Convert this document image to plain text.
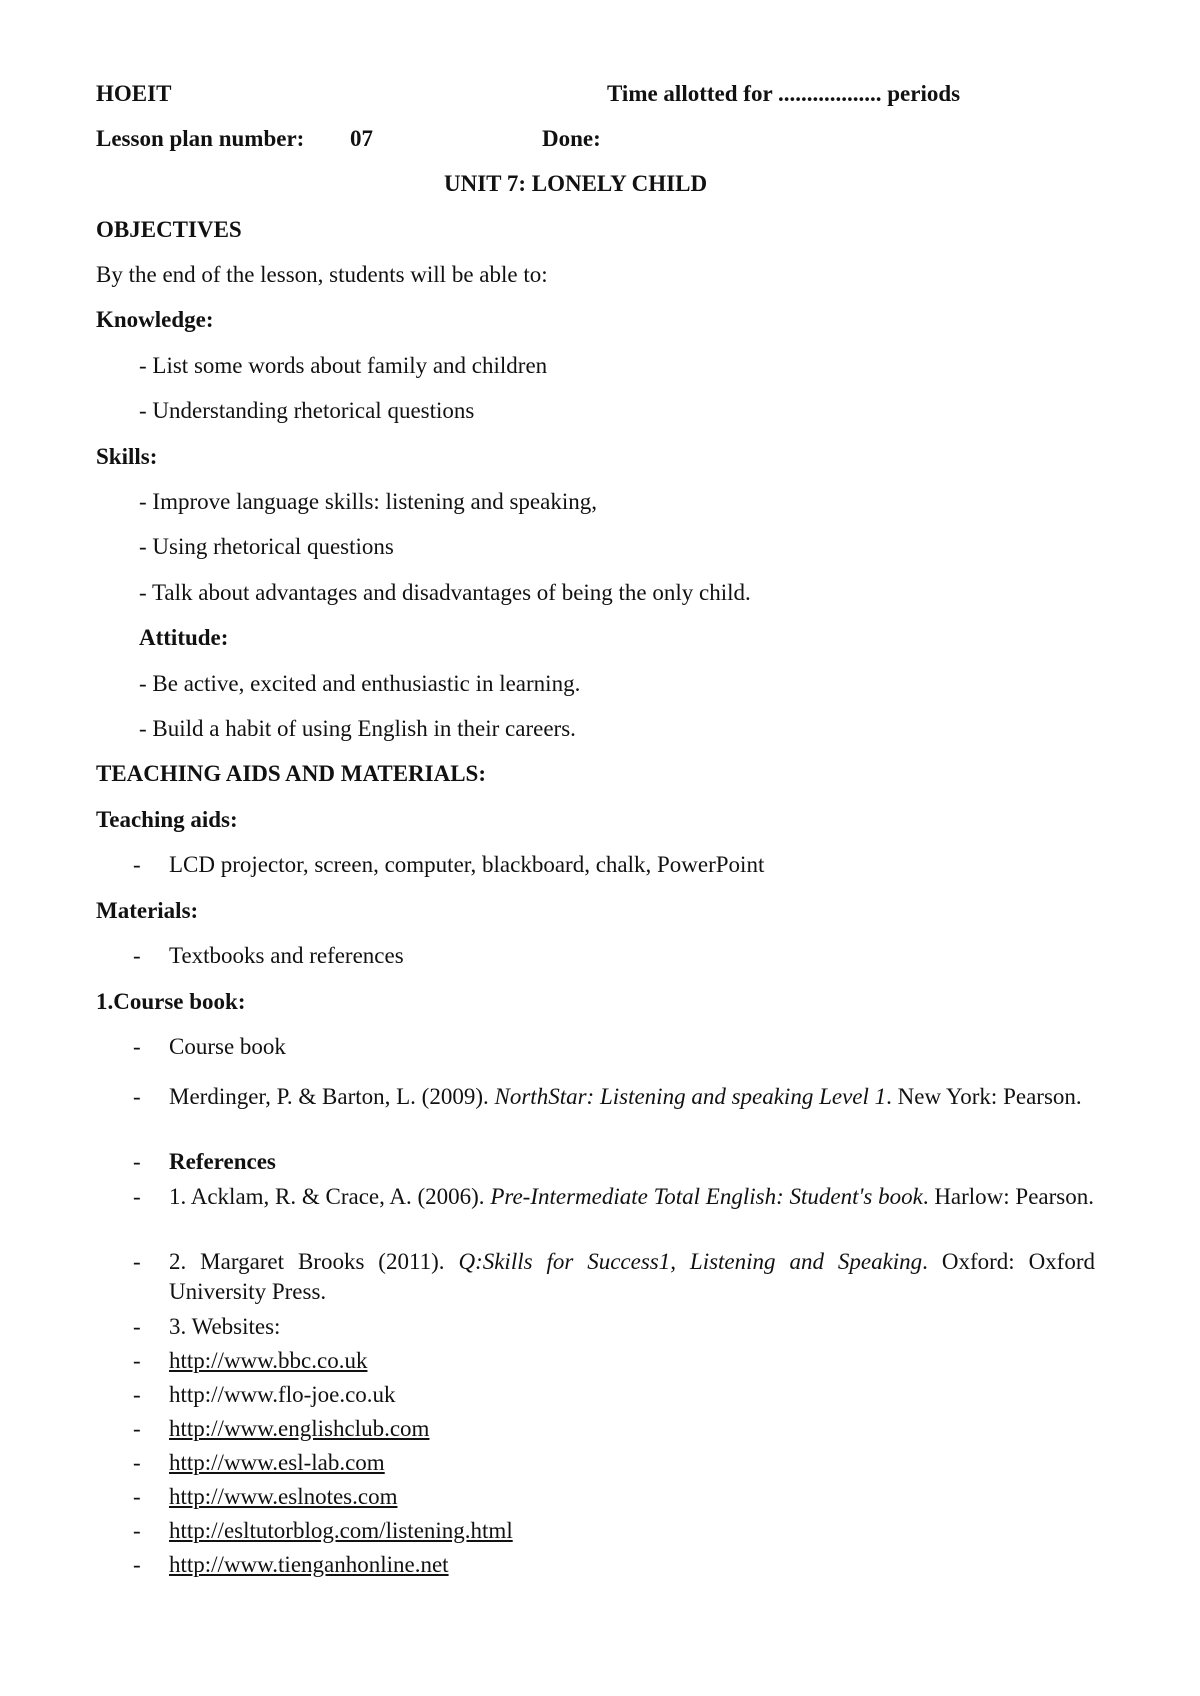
HOEIT	Time allotted for .................. periods
Lesson plan number: 07	Done:
UNIT 7: LONELY CHILD
OBJECTIVES
By the end of the lesson, students will be able to:
Knowledge:
- List some words about family and children
- Understanding rhetorical questions
Skills:
- Improve language skills: listening and speaking,
- Using rhetorical questions
- Talk about advantages and disadvantages of being the only child.
Attitude:
- Be active, excited and enthusiastic in learning.
- Build a habit of using English in their careers.
TEACHING AIDS AND MATERIALS:
Teaching aids:
- LCD projector, screen, computer, blackboard, chalk, PowerPoint
Materials:
- Textbooks and references
1.Course book:
- Course book
- Merdinger, P. & Barton, L. (2009). NorthStar: Listening and speaking Level 1. New York: Pearson.
- References
- 1. Acklam, R. & Crace, A. (2006). Pre-Intermediate Total English: Student's book. Harlow: Pearson.
- 2. Margaret Brooks (2011). Q:Skills for Success1, Listening and Speaking. Oxford: Oxford University Press.
- 3. Websites:
- http://www.bbc.co.uk
- http://www.flo-joe.co.uk
- http://www.englishclub.com
- http://www.esl-lab.com
- http://www.eslnotes.com
- http://esltutorblog.com/listening.html
- http://www.tienganhonline.net
